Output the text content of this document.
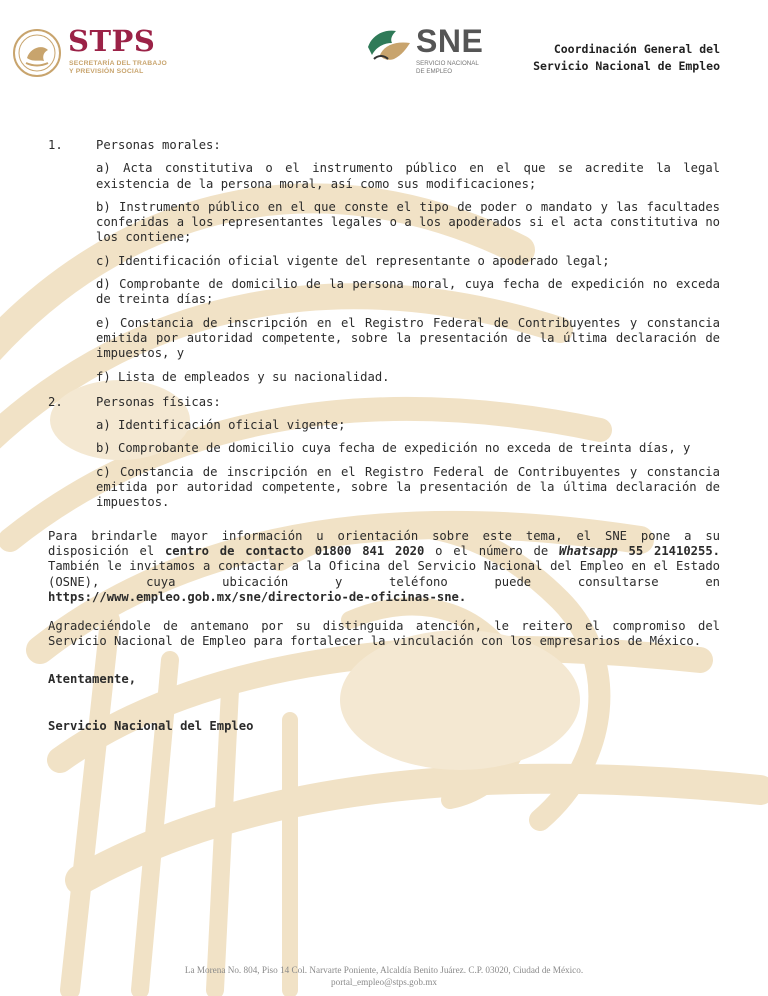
STPS
SECRETARÍA DEL TRABAJO
Y PREVISIÓN SOCIAL
SNE
SERVICIO NACIONAL
DE EMPLEO
Coordinación General del
Servicio Nacional de Empleo
1.	Personas morales:
a) Acta constitutiva o el instrumento público en el que se acredite la legal existencia de la persona moral, así como sus modificaciones;
b) Instrumento público en el que conste el tipo de poder o mandato y las facultades conferidas a los representantes legales o a los apoderados si el acta constitutiva no los contiene;
c) Identificación oficial vigente del representante o apoderado legal;
d) Comprobante de domicilio de la persona moral, cuya fecha de expedición no exceda de treinta días;
e) Constancia de inscripción en el Registro Federal de Contribuyentes y constancia emitida por autoridad competente, sobre la presentación de la última declaración de impuestos, y
f) Lista de empleados y su nacionalidad.
2.	Personas físicas:
a) Identificación oficial vigente;
b) Comprobante de domicilio cuya fecha de expedición no exceda de treinta días, y
c) Constancia de inscripción en el Registro Federal de Contribuyentes y constancia emitida por autoridad competente, sobre la presentación de la última declaración de impuestos.
Para brindarle mayor información u orientación sobre este tema, el SNE pone a su disposición el centro de contacto 01800 841 2020 o el número de Whatsapp 55 21410255. También le invitamos a contactar a la Oficina del Servicio Nacional del Empleo en el Estado (OSNE), cuya ubicación y teléfono puede consultarse en https://www.empleo.gob.mx/sne/directorio-de-oficinas-sne.
Agradeciéndole de antemano por su distinguida atención, le reitero el compromiso del Servicio Nacional de Empleo para fortalecer la vinculación con los empresarios de México.
Atentamente,
Servicio Nacional del Empleo
La Morena No. 804, Piso 14 Col. Narvarte Poniente, Alcaldía Benito Juárez. C.P. 03020, Ciudad de México.
portal_empleo@stps.gob.mx
